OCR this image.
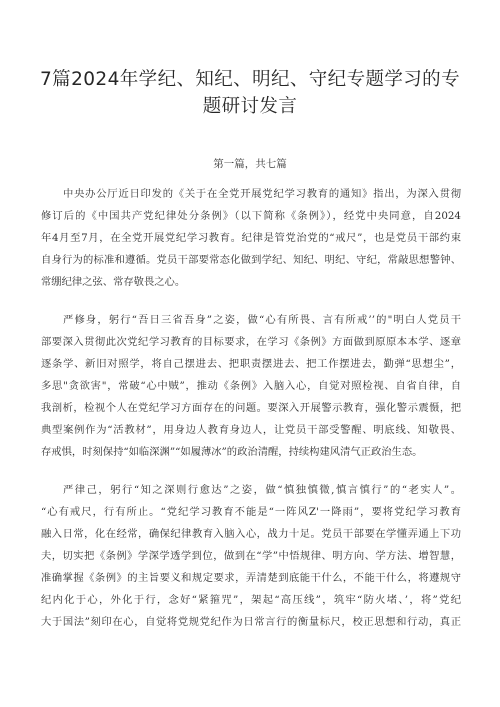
7篇2024年学纪、知纪、明纪、守纪专题学习的专
题研讨发言
第一篇，共七篇
中央办公厅近日印发的《关于在全党开展党纪学习教育的通知》指出，为深入贯彻
修订后的《中国共产党纪律处分条例》（以下简称《条例》），经党中央同意，自2024
年4月至7月，在全党开展党纪学习教育。纪律是管党治党的“戒尺”，也是党员干部约束
自身行为的标准和遵循。党员干部要常态化做到学纪、知纪、明纪、守纪，常敲思想警钟、
常绷纪律之弦、常存敬畏之心。
严修身，躬行“吾日三省吾身”之姿，做“心有所畏、言有所戒’’的"明白人党员干
部要深入贯彻此次党纪学习教育的目标要求，在学习《条例》方面做到原原本本学、逐章
逐条学、新旧对照学，将自己摆进去、把职责摆进去、把工作摆进去，勤弹“思想尘”，
多思"贪欲害"，常破“心中贼”，推动《条例》入脑入心，自觉对照检视、自省自律，自
我剖析，检视个人在党纪学习方面存在的问题。要深入开展警示教育，强化警示震慑，把
典型案例作为“活教材”，用身边人教育身边人，让党员干部受警醒、明底线、知敬畏、
存戒惧，时刻保持“如临深渊”“如履薄冰”的政治清醒，持续构建风清气正政治生态。
严律己，躬行“知之深则行愈达”之姿，做“慎独慎微,慎言慎行”的“老实人”。
“心有戒尺，行有所止。“党纪学习教育不能是“一阵风Z'一降雨”，要将党纪学习教育
融入日常，化在经常，确保纪律教育入脑入心，战力十足。党员干部要在学懂弄通上下功
夫，切实把《条例》学深学透学到位，做到在“学”中悟规律、明方向、学方法、增智慧，
准确掌握《条例》的主旨要义和规定要求，弄清楚到底能干什么，不能干什么，将遵规守
纪内化于心，外化于行，念好“紧箍咒”，架起“高压线”，筑牢“防火堵、’，将”党纪
大于国法”刻印在心，自觉将党规党纪作为日常言行的衡量标尺，校正思想和行动，真正
